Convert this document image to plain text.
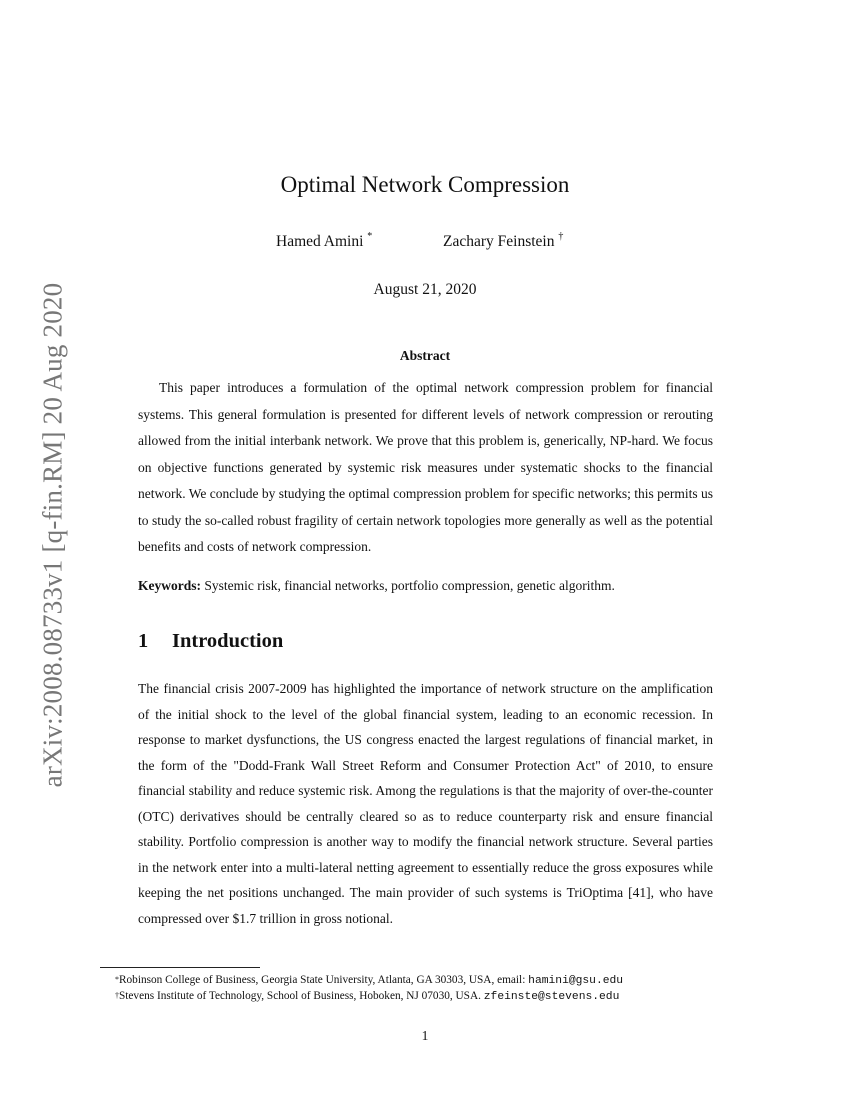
arXiv:2008.08733v1 [q-fin.RM] 20 Aug 2020
Optimal Network Compression
Hamed Amini *	Zachary Feinstein †
August 21, 2020
Abstract
This paper introduces a formulation of the optimal network compression problem for financial systems. This general formulation is presented for different levels of network compression or rerouting allowed from the initial interbank network. We prove that this problem is, generically, NP-hard. We focus on objective functions generated by systemic risk measures under systematic shocks to the financial network. We conclude by studying the optimal compression problem for specific networks; this permits us to study the so-called robust fragility of certain network topologies more generally as well as the potential benefits and costs of network compression.
Keywords: Systemic risk, financial networks, portfolio compression, genetic algorithm.
1 Introduction
The financial crisis 2007-2009 has highlighted the importance of network structure on the amplification of the initial shock to the level of the global financial system, leading to an economic recession. In response to market dysfunctions, the US congress enacted the largest regulations of financial market, in the form of the "Dodd-Frank Wall Street Reform and Consumer Protection Act" of 2010, to ensure financial stability and reduce systemic risk. Among the regulations is that the majority of over-the-counter (OTC) derivatives should be centrally cleared so as to reduce counterparty risk and ensure financial stability. Portfolio compression is another way to modify the financial network structure. Several parties in the network enter into a multi-lateral netting agreement to essentially reduce the gross exposures while keeping the net positions unchanged. The main provider of such systems is TriOptima [41], who have compressed over $1.7 trillion in gross notional.
*Robinson College of Business, Georgia State University, Atlanta, GA 30303, USA, email: hamini@gsu.edu
†Stevens Institute of Technology, School of Business, Hoboken, NJ 07030, USA. zfeinste@stevens.edu
1
